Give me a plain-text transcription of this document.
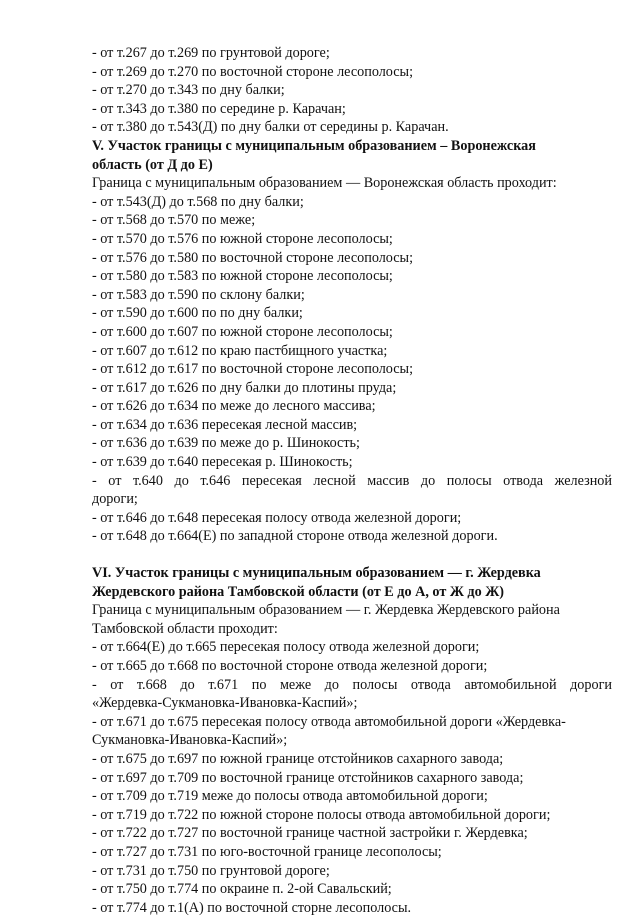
- от т.267 до т.269 по грунтовой дороге;
- от т.269 до т.270 по восточной стороне лесополосы;
- от т.270 до т.343 по дну балки;
- от т.343 до т.380 по середине р. Карачан;
- от т.380 до т.543(Д) по дну балки от середины р. Карачан.
V. Участок границы с муниципальным образованием – Воронежская
область (от Д до Е)
Граница с муниципальным образованием — Воронежская область проходит:
- от т.543(Д) до т.568 по дну балки;
- от т.568 до т.570 по меже;
- от т.570 до т.576 по южной стороне лесополосы;
- от т.576 до т.580 по восточной стороне лесополосы;
- от т.580 до т.583 по южной стороне лесополосы;
- от т.583 до т.590 по склону балки;
- от т.590 до т.600 по по дну балки;
- от т.600 до т.607 по южной стороне лесополосы;
- от т.607 до т.612 по краю пастбищного участка;
- от т.612 до т.617 по восточной стороне лесополосы;
- от т.617 до т.626 по дну балки до плотины пруда;
- от т.626 до т.634 по меже до лесного массива;
- от т.634 до т.636 пересекая лесной массив;
- от т.636 до т.639 по меже до р. Шинокость;
- от т.639 до т.640 пересекая р. Шинокость;
- от т.640 до т.646 пересекая лесной массив до полосы отвода железной
дороги;
- от т.646 до т.648 пересекая полосу отвода железной дороги;
- от т.648 до т.664(Е) по западной стороне отвода железной дороги.
VI. Участок границы с муниципальным образованием — г. Жердевка
Жердевского района Тамбовской области (от Е до А, от Ж до Ж)
Граница с муниципальным образованием — г. Жердевка Жердевского района
Тамбовской области проходит:
- от т.664(Е) до т.665 пересекая полосу отвода железной дороги;
- от т.665 до т.668 по восточной стороне отвода железной дороги;
- от т.668 до т.671 по меже до полосы отвода автомобильной дороги
«Жердевка-Сукмановка-Ивановка-Каспий»;
- от т.671 до т.675 пересекая полосу отвода автомобильной дороги «Жердевка-
Сукмановка-Ивановка-Каспий»;
- от т.675 до т.697 по южной границе отстойников сахарного завода;
- от т.697 до т.709 по восточной границе отстойников сахарного завода;
- от т.709 до т.719 меже до полосы отвода автомобильной дороги;
- от т.719 до т.722 по южной стороне полосы отвода автомобильной дороги;
- от т.722 до т.727 по восточной границе частной застройки г. Жердевка;
- от т.727 до т.731 по юго-восточной границе лесополосы;
- от т.731 до т.750 по грунтовой дороге;
- от т.750 до т.774 по окраине п. 2-ой Савальский;
- от т.774 до т.1(А) по восточной сторне лесополосы.
